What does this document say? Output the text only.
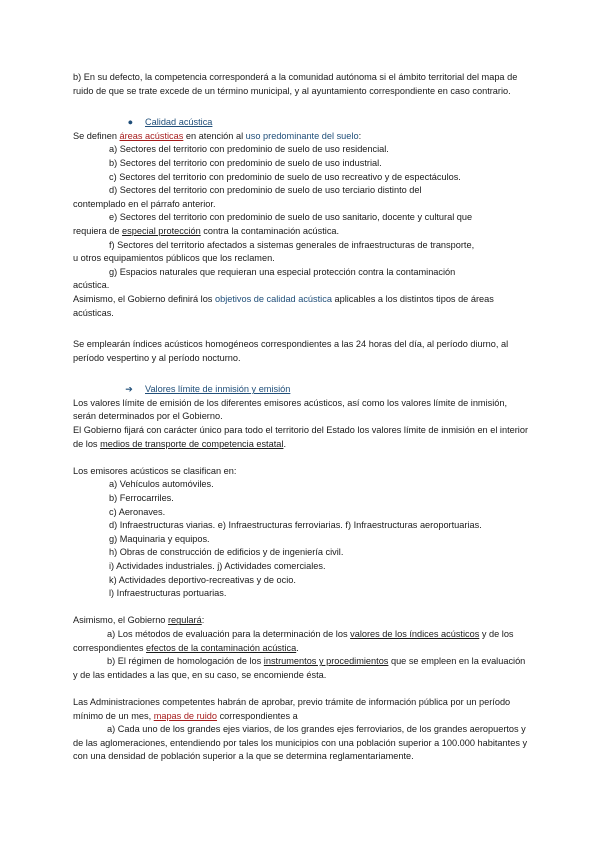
b) En su defecto, la competencia corresponderá a la comunidad autónoma si el ámbito territorial del mapa de ruido de que se trate excede de un término municipal, y al ayuntamiento correspondiente en caso contrario.

●	Calidad acústica

Se definen áreas acústicas en atención al uso predominante del suelo:

a) Sectores del territorio con predominio de suelo de uso residencial.

b) Sectores del territorio con predominio de suelo de uso industrial.

c) Sectores del territorio con predominio de suelo de uso recreativo y de espectáculos.

d) Sectores del territorio con predominio de suelo de uso terciario distinto del

contemplado en el párrafo anterior.

e) Sectores del territorio con predominio de suelo de uso sanitario, docente y cultural que

requiera de especial protección contra la contaminación acústica.

f) Sectores del territorio afectados a sistemas generales de infraestructuras de transporte,

u otros equipamientos públicos que los reclamen.

g) Espacios naturales que requieran una especial protección contra la contaminación

acústica.

Asimismo, el Gobierno definirá los objetivos de calidad acústica aplicables a los distintos tipos de áreas acústicas.

Se emplearán índices acústicos homogéneos correspondientes a las 24 horas del día, al período diurno, al período vespertino y al período nocturno.

➔	Valores límite de inmisión y emisión

Los valores límite de emisión de los diferentes emisores acústicos, así como los valores límite de inmisión, serán determinados por el Gobierno.

El Gobierno fijará con carácter único para todo el territorio del Estado los valores límite de inmisión en el interior de los medios de transporte de competencia estatal.

Los emisores acústicos se clasifican en:

a) Vehículos automóviles.

b) Ferrocarriles.

c) Aeronaves.

d) Infraestructuras viarias. e) Infraestructuras ferroviarias. f) Infraestructuras aeroportuarias.

g) Maquinaria y equipos.

h) Obras de construcción de edificios y de ingeniería civil.

i) Actividades industriales. j) Actividades comerciales.

k) Actividades deportivo-recreativas y de ocio.

l) Infraestructuras portuarias.

Asimismo, el Gobierno regulará:

a) Los métodos de evaluación para la determinación de los valores de los índices acústicos y de los correspondientes efectos de la contaminación acústica.

b) El régimen de homologación de los instrumentos y procedimientos que se empleen en la evaluación y de las entidades a las que, en su caso, se encomiende ésta.

Las Administraciones competentes habrán de aprobar, previo trámite de información pública por un período mínimo de un mes, mapas de ruido correspondientes a

a) Cada uno de los grandes ejes viarios, de los grandes ejes ferroviarios, de los grandes aeropuertos y de las aglomeraciones, entendiendo por tales los municipios con una población superior a 100.000 habitantes y con una densidad de población superior a la que se determina reglamentariamente.
